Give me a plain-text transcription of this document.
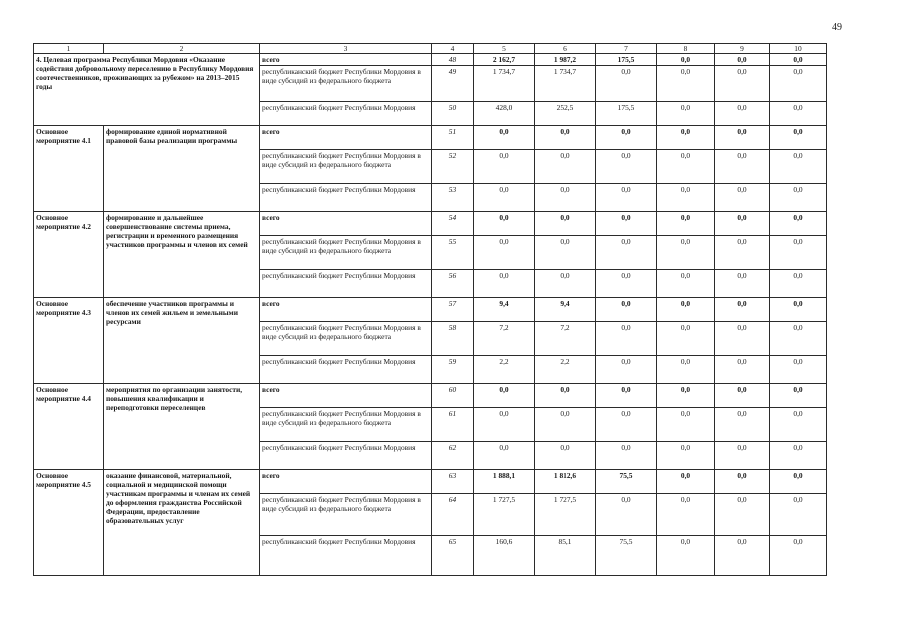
49
1	2	3	4	5	6	7	8	9	10
4. Целевая программа Республики Мордовия «Оказание содействия добровольному переселению в Республику Мордовия соотечественников, проживающих за рубежом» на 2013–2015 годы		всего	48	2 162,7	1 987,2	175,5	0,0	0,0	0,0
		республиканский бюджет Республики Мордовия в виде субсидий из федерального бюджета	49	1 734,7	1 734,7	0,0	0,0	0,0	0,0
		республиканский бюджет Республики Мордовия	50	428,0	252,5	175,5	0,0	0,0	0,0
Основное мероприятие 4.1	формирование единой нормативной правовой базы реализации программы	всего	51	0,0	0,0	0,0	0,0	0,0	0,0
		республиканский бюджет Республики Мордовия в виде субсидий из федерального бюджета	52	0,0	0,0	0,0	0,0	0,0	0,0
		республиканский бюджет Республики Мордовия	53	0,0	0,0	0,0	0,0	0,0	0,0
Основное мероприятие 4.2	формирование и дальнейшее совершенствование системы приема, регистрации и временного размещения участников программы и членов их семей	всего	54	0,0	0,0	0,0	0,0	0,0	0,0
		республиканский бюджет Республики Мордовия в виде субсидий из федерального бюджета	55	0,0	0,0	0,0	0,0	0,0	0,0
		республиканский бюджет Республики Мордовия	56	0,0	0,0	0,0	0,0	0,0	0,0
Основное мероприятие 4.3	обеспечение участников программы и членов их семей жильем и земельными ресурсами	всего	57	9,4	9,4	0,0	0,0	0,0	0,0
		республиканский бюджет Республики Мордовия в виде субсидий из федерального бюджета	58	7,2	7,2	0,0	0,0	0,0	0,0
		республиканский бюджет Республики Мордовия	59	2,2	2,2	0,0	0,0	0,0	0,0
Основное мероприятие 4.4	мероприятия по организации занятости, повышения квалификации и переподготовки переселенцев	всего	60	0,0	0,0	0,0	0,0	0,0	0,0
		республиканский бюджет Республики Мордовия в виде субсидий из федерального бюджета	61	0,0	0,0	0,0	0,0	0,0	0,0
		республиканский бюджет Республики Мордовия	62	0,0	0,0	0,0	0,0	0,0	0,0
Основное мероприятие 4.5	оказание финансовой, материальной, социальной и медицинской помощи участникам программы и членам их семей до оформления гражданства Российской Федерации, предоставление образовательных услуг	всего	63	1 888,1	1 812,6	75,5	0,0	0,0	0,0
		республиканский бюджет Республики Мордовия в виде субсидий из федерального бюджета	64	1 727,5	1 727,5	0,0	0,0	0,0	0,0
		республиканский бюджет Республики Мордовия	65	160,6	85,1	75,5	0,0	0,0	0,0
